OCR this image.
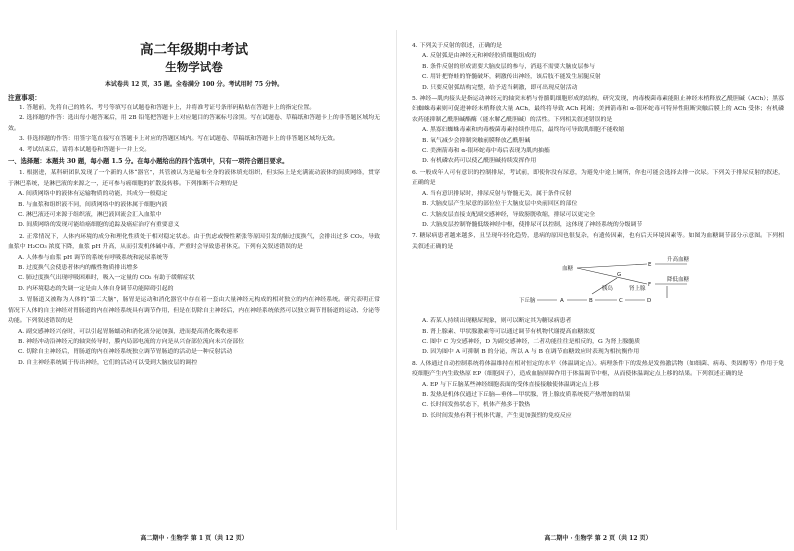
高二年级期中考试
生物学试卷
本试卷共 12 页，35 题。全卷满分 100 分。考试用时 75 分钟。
注意事项：

1. 答题前，先将自己的姓名、考号等填写在试题卷和答题卡上，并将准考证号条形码粘贴在答题卡上的指定位置。

2. 选择题的作答：选出每小题答案后，用 2B 铅笔把答题卡上对应题目的答案标号涂黑。写在试题卷、草稿纸和答题卡上的非答题区域均无效。

3. 非选择题的作答：用签字笔直接写在答题卡上对应的答题区域内。写在试题卷、草稿纸和答题卡上的非答题区域均无效。

4. 考试结束后，请将本试题卷和答题卡一并上交。

一、选择题：本题共 30 题，每小题 1.5 分。在每小题给出的四个选项中，只有一项符合题目要求。

1. 根据进，某科研团队发现了一个新的人体“器官”，其管被认为是遍布全身的液体填充组织，但实际上是充满流动液体的间质网络，贯穿于淋巴系统，是淋巴液的来源之一，还可参与癌细胞的扩散及转移。下列推断不合理的是

A. 间质网络中的液体有运输物质的功能，其成分一般稳定

B. 与血浆和组织液不同，间质网络中的液体属于细胞内液

C. 淋巴液还可来源于组织液，淋巴液回流会汇入血浆中

D. 间质网络的发现可能给癌细胞的追踪及癌症治疗有重要意义

2. 正常情况下，人体内环境的成分和理化性质处于相对稳定状态。由于焦虑或慢性紧张等原因引发的肺过度换气，会排出过多 CO₂，导致血浆中 H₂CO₃ 浓度下降，血浆 pH 升高，从而引发机体碱中毒，严重时会导致患者休克。下列有关叙述错误的是

A. 人体参与血浆 pH 调节的系统有呼吸系统和泌尿系统等

B. 过度换气会使患者体内的酸性物质排出增多

C. 肺过度换气出现呼吸困难时，吸入一定量的 CO₂ 有助于缓解症状

D. 内环境稳态的失调一定是由人体自身调节功能障碍引起的

3. 胃肠道又被称为人体的“第二大脑”，肠胃是运动和消化器官中存在着一套由大量神经元构成的相对独立的内在神经系统。研究表明正常情况下人体的自主神经对胃肠道的内在神经系统具有调节作用，但是在切除自主神经后，内在神经系统依然可以独立调节胃肠道的运动、分泌等功能。下列叙述错误的是

A. 副交感神经兴奋时，可以引起胃肠蠕动和消化液分泌加强，进而提高消化吸收速率

B. 神经冲动沿神经元的轴突传导时，膜内局部电流的方向是从兴奋部位流向未兴奋部位

C. 切除自主神经后，胃肠道的内在神经系统独立调节胃肠道的活动是一种反射活动

D. 自主神经系统属于传出神经，它们的活动可以受到大脑皮层的调控

高二期中 · 生物学 第 1 页（共 12 页）

4. 下列关于反射的叙述，正确的是

A. 反射弧是由神经元和神经胶质细胞组成的

B. 条件反射的形成需要大脑皮层的参与，消退不需要大脑皮层参与

C. 用针把脊蛙的脊髓破坏，刺激传出神经，该后肢不能发生屈腿反射

D. 只要反射弧结构完整，给予适当刺激，即可出现反射活动

5. 神经—肌肉接头是指运动神经元的轴突末梢与骨骼肌细胞形成的结构，研究发现，肉毒梭菌毒素能阻止神经末梢释放乙酰胆碱（ACh）；黑寡妇蜘蛛毒素则可促进神经末梢释放大量 ACh，最终将导致 ACh 耗竭；美洲箭毒和 α-银环蛇毒可特异性阻断突触后膜上的 ACh 受体；有机磷农药能抑制乙酰胆碱酯酶（能水解乙酰胆碱）的活性。下列相关叙述错误的是

A. 黑寡妇蜘蛛毒素和肉毒梭菌毒素持续作用后，最终均可导致肌细胞不能收缩

B. 氧气减少会抑制突触前膜释放乙酰胆碱

C. 美洲箭毒和 α-银环蛇毒中毒后表现为肌肉抽搐

D. 有机磷农药可以使乙酰胆碱持续发挥作用

6. 一般成年人可有意识的控制排尿，考试前，即使你没有尿意，为避免中途上厕所，你也可能会选择去排一次尿。下列关于排尿反射的叙述，正确的是

A. 当有意识排尿时，排尿反射与脊髓无关，属于条件反射

B. 大脑皮层产生尿意的部位位于大脑皮层中央前回区的部位

C. 大脑皮层直接支配副交感神经，导致膀胱收缩，排尿可以更完全

D. 大脑皮层控制脊髓低级神经中枢，使排尿可以控制，这体现了神经系统的分级调节

7. 糖尿病患者越来越多，且呈现年轻化趋势，患病的原因也很复杂，有遗传因素，也有后天环境因素等。如图为血糖调节部分示意图。下列相关叙述正确的是

下丘脑	A	B	C	D
E
F
G
血糖
胰岛	肾上腺
升高血糖
降低血糖

A. 若某人持续出现糖尿现象，则可以断定其为糖尿病患者

B. 肾上腺素、甲状腺激素等可以通过调节有机物代谢提高血糖浓度

C. 图中 C 为交感神经，D 为副交感神经，二者功能往往是相反的，G 为肾上腺髓质

D. 因为图中 A 可抑制 B 的分泌，所以 A 与 B 在调节血糖效应时表现为相抗衡作用

8. 人体通过自动控制系统将体温维持在相对恒定的水平（体温调定点）。病理条件下的发热是发热激活物（如细菌、病毒、类固醇等）作用于免疫细胞产生内生致热原 EP（细胞因子），造成血脑屏障作用于体温调节中枢，从而使体温调定点上移的结果。下列叙述正确的是

A. EP 与下丘脑某些神经细胞表面的受体直接接触使体温调定点上移

B. 发热是机体仅通过下丘脑—垂体—甲状腺，肾上腺皮质系统使产热增加的结果

C. 长时间发热状态下，机体产热多于散热

D. 长时间发热有利于机体代谢，产生更加强烈的免疫反应

高二期中 · 生物学 第 2 页（共 12 页）
